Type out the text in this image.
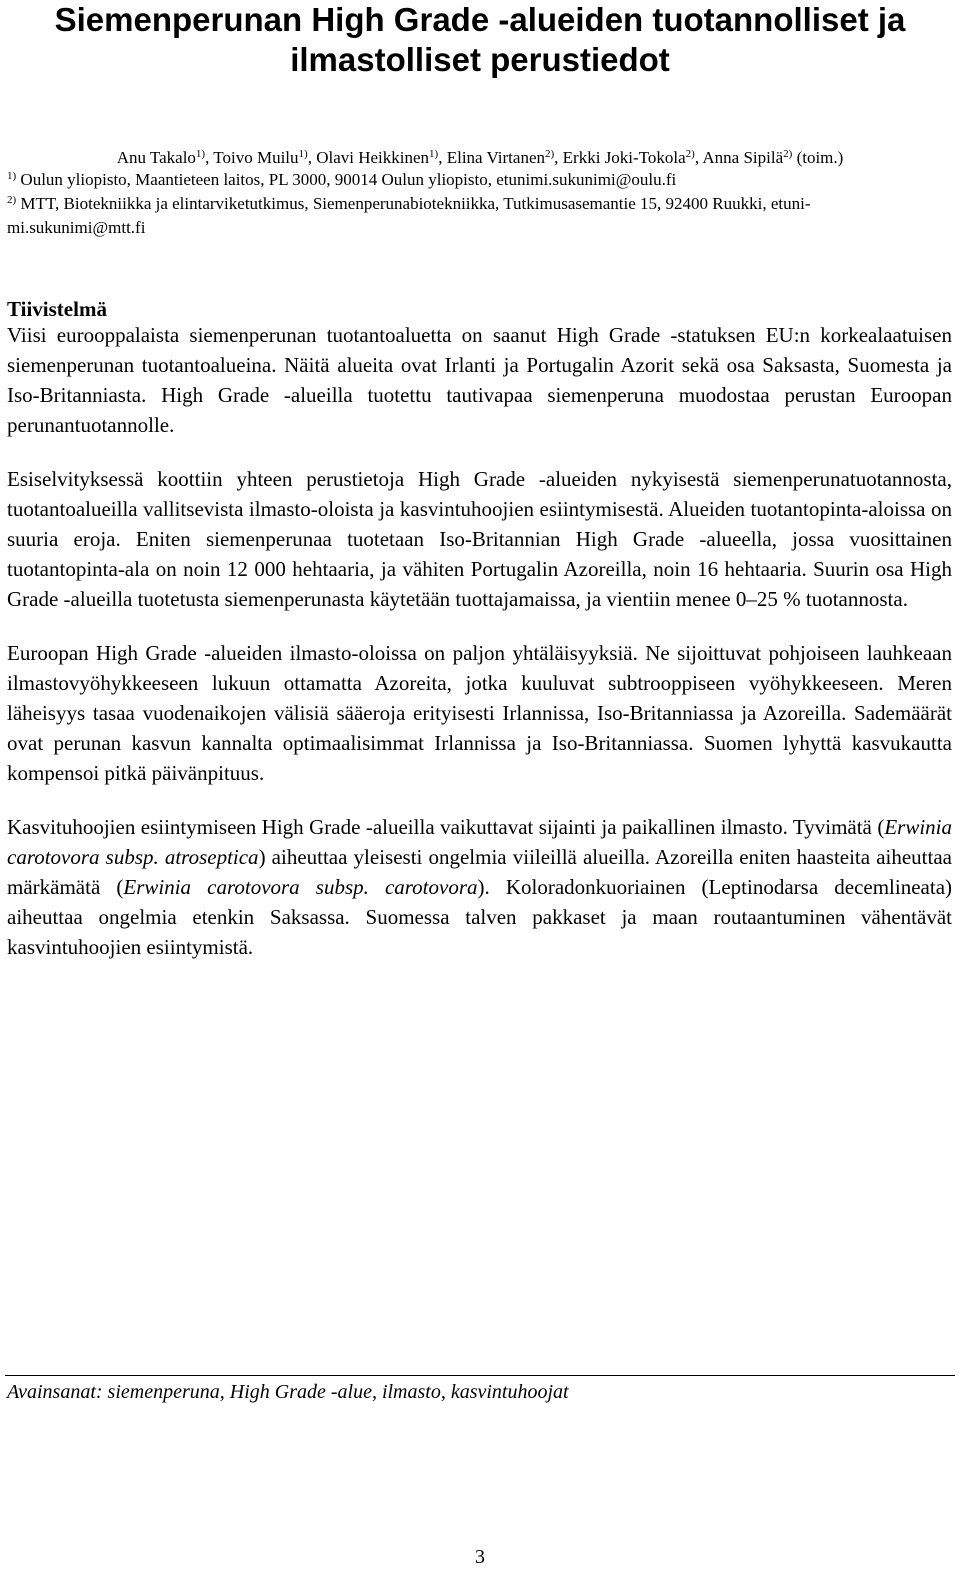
Siemenperunan High Grade -alueiden tuotannolliset ja
ilmastolliset perustiedot
Anu Takalo$^{1)}$, Toivo Muilu$^{1)}$, Olavi Heikkinen$^{1)}$, Elina Virtanen$^{2)}$, Erkki Joki-Tokola$^{2)}$, Anna Sipilä$^{2)}$ (toim.)
$^{1)}$ Oulun yliopisto, Maantieteen laitos, PL 3000, 90014 Oulun yliopisto, etunimi.sukunimi@oulu.fi
$^{2)}$ MTT, Biotekniikka ja elintarviketutkimus, Siemenperunabiotekniikka, Tutkimusasemantie 15, 92400 Ruukki, etuni-
mi.sukunimi@mtt.fi
Tiivistelmä

Viisi eurooppalaista siemenperunan tuotantoaluetta on saanut High Grade -statuksen EU:n korkealaatuisen siemenperunan tuotantoalueina. Näitä alueita ovat Irlanti ja Portugalin Azorit sekä osa Saksasta, Suomesta ja Iso-Britanniasta. High Grade -alueilla tuotettu tautivapaa siemenperuna muodostaa perustan Euroopan perunantuotannolle.

Esiselvityksessä koottiin yhteen perustietoja High Grade -alueiden nykyisestä siemenperunatuotannosta, tuotantoalueilla vallitsevista ilmasto-oloista ja kasvintuhoojien esiintymisestä. Alueiden tuotantopinta-aloissa on suuria eroja. Eniten siemenperunaa tuotetaan Iso-Britannian High Grade -alueella, jossa vuosittainen tuotantopinta-ala on noin 12 000 hehtaaria, ja vähiten Portugalin Azoreilla, noin 16 hehtaaria. Suurin osa High Grade -alueilla tuotetusta siemenperunasta käytetään tuottajamaissa, ja vientiin menee 0–25 % tuotannosta.

Euroopan High Grade -alueiden ilmasto-oloissa on paljon yhtäläisyyksiä. Ne sijoittuvat pohjoiseen lauhkeaan ilmastovyöhykkeeseen lukuun ottamatta Azoreita, jotka kuuluvat subtrooppiseen vyöhykkeeseen. Meren läheisyys tasaa vuodenaikojen välisiä sääeroja erityisesti Irlannissa, Iso-Britanniassa ja Azoreilla. Sademäärät ovat perunan kasvun kannalta optimaalisimmat Irlannissa ja Iso-Britanniassa. Suomen lyhyttä kasvukautta kompensoi pitkä päivänpituus.

Kasvituhoojien esiintymiseen High Grade -alueilla vaikuttavat sijainti ja paikallinen ilmasto. Tyvimätä (Erwinia carotovora subsp. atroseptica) aiheuttaa yleisesti ongelmia viileillä alueilla. Azoreilla eniten haasteita aiheuttaa märkämätä (Erwinia carotovora subsp. carotovora). Koloradonkuoriainen (Leptinodarsa decemlineata) aiheuttaa ongelmia etenkin Saksassa. Suomessa talven pakkaset ja maan routaantuminen vähentävät kasvintuhoojien esiintymistä.

Avainsanat: siemenperuna, High Grade -alue, ilmasto, kasvintuhoojat
3
